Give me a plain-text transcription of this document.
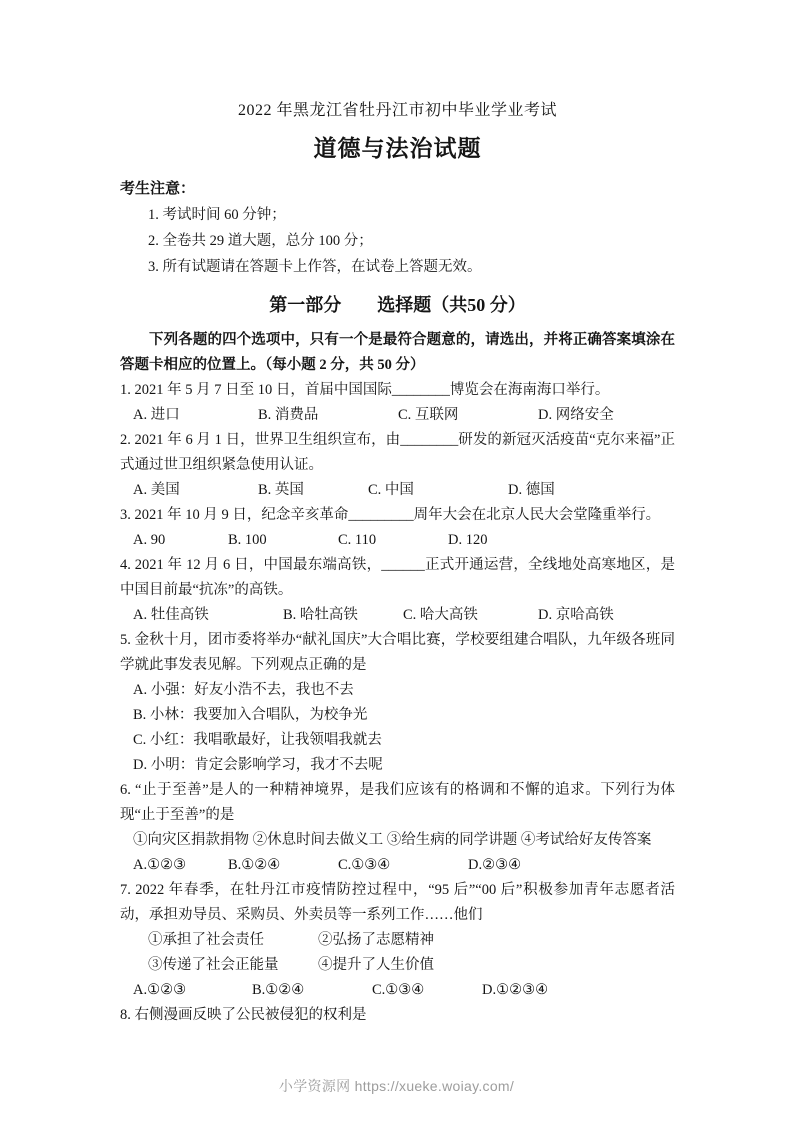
2022 年黑龙江省牡丹江市初中毕业学业考试
道德与法治试题
考生注意：
1. 考试时间 60 分钟；
2. 全卷共 29 道大题，总分 100 分；
3. 所有试题请在答题卡上作答，在试卷上答题无效。
第一部分　　选择题（共50 分）

下列各题的四个选项中，只有一个是最符合题意的，请选出，并将正确答案填涂在答题卡相应的位置上。（每小题 2 分，共 50 分）

1. 2021 年 5 月 7 日至 10 日，首届中国国际________博览会在海南海口举行。

A. 进口	B. 消费品	C. 互联网	D. 网络安全

2. 2021 年 6 月 1 日，世界卫生组织宣布，由________研发的新冠灭活疫苗“克尔来福”正式通过世卫组织紧急使用认证。

A. 美国	B. 英国	C. 中国	D. 德国

3. 2021 年 10 月 9 日，纪念辛亥革命_________周年大会在北京人民大会堂隆重举行。

A. 90	B. 100	C. 110	D. 120

4. 2021 年 12 月 6 日，中国最东端高铁，______正式开通运营，全线地处高寒地区，是中国目前最“抗冻”的高铁。

A. 牡佳高铁	B. 哈牡高铁	C. 哈大高铁	D. 京哈高铁

5. 金秋十月，团市委将举办“献礼国庆”大合唱比赛，学校要组建合唱队，九年级各班同学就此事发表见解。下列观点正确的是

A. 小强：好友小浩不去，我也不去

B. 小林：我要加入合唱队，为校争光

C. 小红：我唱歌最好，让我领唱我就去

D. 小明：肯定会影响学习，我才不去呢

6. “止于至善”是人的一种精神境界，是我们应该有的格调和不懈的追求。下列行为体现“止于至善”的是

①向灾区捐款捐物 ②休息时间去做义工 ③给生病的同学讲题 ④考试给好友传答案

A.①②③	B.①②④	C.①③④	D.②③④

7. 2022 年春季，在牡丹江市疫情防控过程中，“95 后”“00 后”积极参加青年志愿者活动，承担劝导员、采购员、外卖员等一系列工作……他们

①承担了社会责任	②弘扬了志愿精神
③传递了社会正能量	④提升了人生价值
A.①②③	B.①②④	C.①③④	D.①②③④

8. 右侧漫画反映了公民被侵犯的权利是

小学资源网 https://xueke.woiay.com/
